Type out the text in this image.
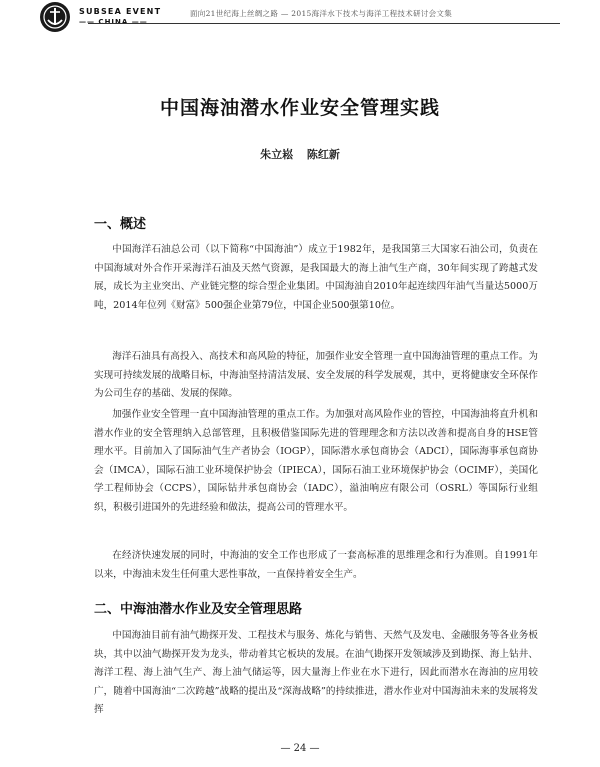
SUBSEA EVENT
—— CHINA ——
面向21世纪海上丝绸之路 — 2015海洋水下技术与海洋工程技术研讨会文集
中国海油潜水作业安全管理实践
朱立崧 陈红新
一、概述
中国海洋石油总公司（以下简称“中国海油”）成立于1982年，是我国第三大国家石油公司，负责在中国海域对外合作开采海洋石油及天然气资源，是我国最大的海上油气生产商，30年间实现了跨越式发展，成长为主业突出、产业链完整的综合型企业集团。中国海油自2010年起连续四年油气当量达5000万吨，2014年位列《财富》500强企业第79位，中国企业500强第10位。
海洋石油具有高投入、高技术和高风险的特征，加强作业安全管理一直中国海油管理的重点工作。为实现可持续发展的战略目标，中海油坚持清洁发展、安全发展的科学发展观，其中，更将健康安全环保作为公司生存的基础、发展的保障。
加强作业安全管理一直中国海油管理的重点工作。为加强对高风险作业的管控，中国海油将直升机和潜水作业的安全管理纳入总部管理，且积极借鉴国际先进的管理理念和方法以改善和提高自身的HSE管理水平。目前加入了国际油气生产者协会（IOGP），国际潜水承包商协会（ADCI），国际海事承包商协会（IMCA），国际石油工业环境保护协会（IPIECA），国际石油工业环境保护协会（OCIMF），美国化学工程师协会（CCPS），国际钻井承包商协会（IADC），溢油响应有限公司（OSRL）等国际行业组织，积极引进国外的先进经验和做法，提高公司的管理水平。
在经济快速发展的同时，中海油的安全工作也形成了一套高标准的思维理念和行为准则。自1991年以来，中海油未发生任何重大恶性事故，一直保持着安全生产。
二、中海油潜水作业及安全管理思路
中国海油目前有油气勘探开发、工程技术与服务、炼化与销售、天然气及发电、金融服务等各业务板块，其中以油气勘探开发为龙头，带动着其它板块的发展。在油气勘探开发领域涉及到勘探、海上钻井、海洋工程、海上油气生产、海上油气储运等，因大量海上作业在水下进行，因此而潜水在海油的应用较广，随着中国海油“二次跨越”战略的提出及“深海战略”的持续推进，潜水作业对中国海油未来的发展将发挥
— 24 —
